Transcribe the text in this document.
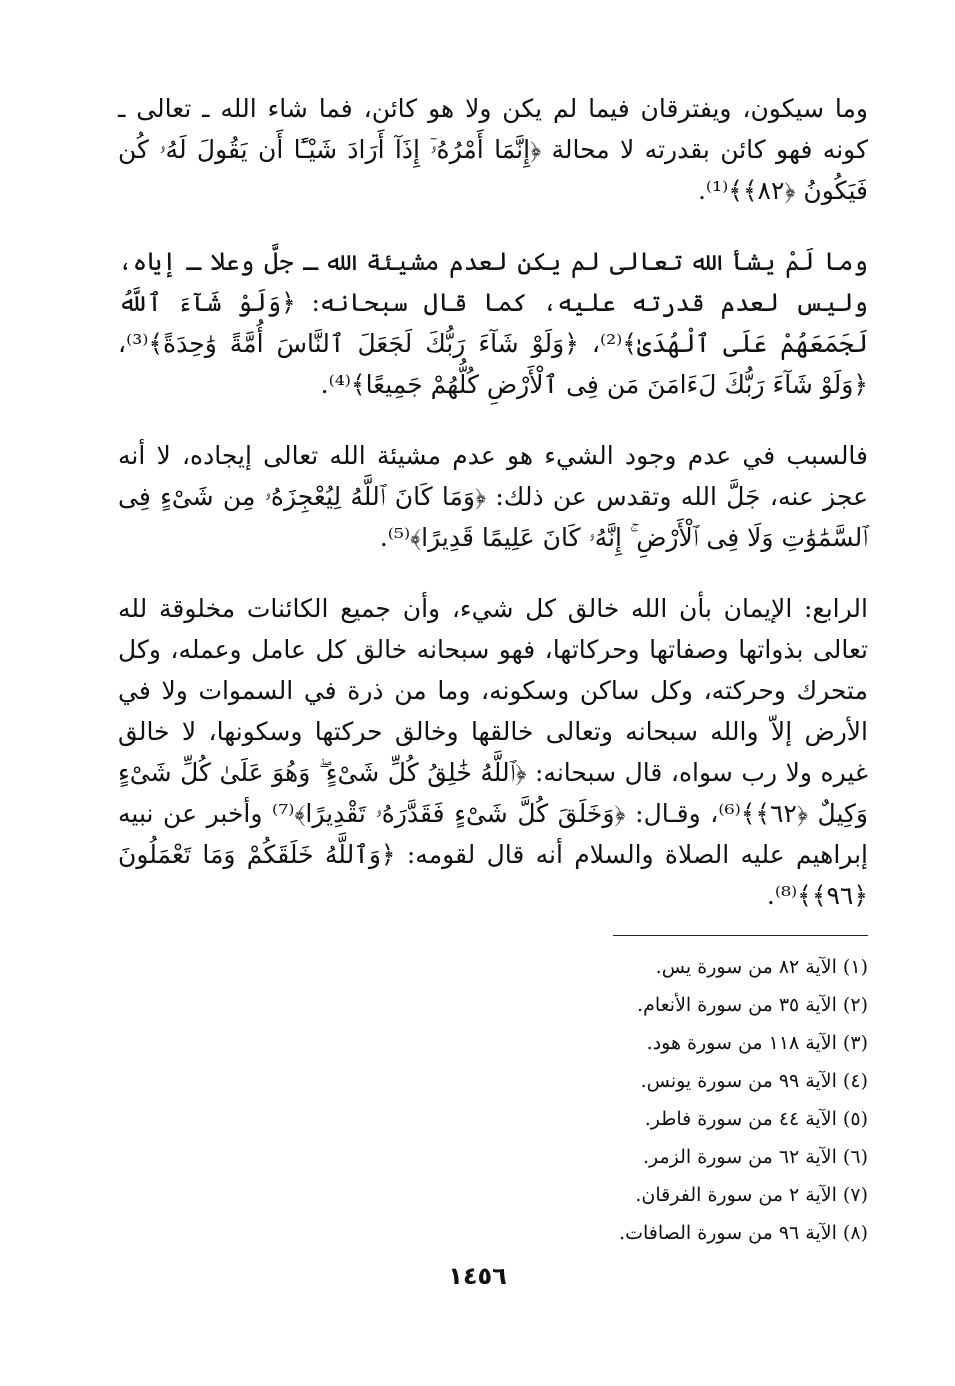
وما سيكون، ويفترقان فيما لم يكن ولا هو كائن، فما شاء الله ـ تعالى ـ كونه فهو كائن بقدرته لا محالة ﴿إِنَّمَا أَمْرُهُۥٓ إِذَآ أَرَادَ شَيْـًٔا أَن يَقُولَ لَهُۥ كُن فَيَكُونُ ﴿٨٢﴾﴾⁽¹⁾.

وما لَمْ يشأ الله تعالى لم يكن لعدم مشيئة الله ـ جلَّ وعلا ـ إياه، وليس لعدم قدرته عليه، كما قال سبحانه: ﴿وَلَوْ شَآءَ ٱللَّهُ لَجَمَعَهُمْ عَلَى ٱلْهُدَىٰ﴾⁽²⁾، ﴿وَلَوْ شَآءَ رَبُّكَ لَجَعَلَ ٱلنَّاسَ أُمَّةً وَٰحِدَةً﴾⁽³⁾، ﴿وَلَوْ شَآءَ رَبُّكَ لَءَامَنَ مَن فِى ٱلْأَرْضِ كُلُّهُمْ جَمِيعًا﴾⁽⁴⁾.

فالسبب في عدم وجود الشيء هو عدم مشيئة الله تعالى إيجاده، لا أنه عجز عنه، جَلَّ الله وتقدس عن ذلك: ﴿وَمَا كَانَ ٱللَّهُ لِيُعْجِزَهُۥ مِن شَىْءٍ فِى ٱلسَّمَٰوَٰتِ وَلَا فِى ٱلْأَرْضِ ۚ إِنَّهُۥ كَانَ عَلِيمًا قَدِيرًا﴾⁽⁵⁾.

الرابع: الإيمان بأن الله خالق كل شيء، وأن جميع الكائنات مخلوقة لله تعالى بذواتها وصفاتها وحركاتها، فهو سبحانه خالق كل عامل وعمله، وكل متحرك وحركته، وكل ساكن وسكونه، وما من ذرة في السموات ولا في الأرض إلاّ والله سبحانه وتعالى خالقها وخالق حركتها وسكونها، لا خالق غيره ولا رب سواه، قال سبحانه: ﴿ٱللَّهُ خَٰلِقُ كُلِّ شَىْءٍ ۖ وَهُوَ عَلَىٰ كُلِّ شَىْءٍ وَكِيلٌ ﴿٦٢﴾﴾⁽⁶⁾، وقـال: ﴿وَخَلَقَ كُلَّ شَىْءٍ فَقَدَّرَهُۥ تَقْدِيرًا﴾⁽⁷⁾ وأخبر عن نبيه إبراهيم عليه الصلاة والسلام أنه قال لقومه: ﴿وَٱللَّهُ خَلَقَكُمْ وَمَا تَعْمَلُونَ ﴿٩٦﴾﴾⁽⁸⁾.

(١) الآية ٨٢ من سورة يس.
(٢) الآية ٣٥ من سورة الأنعام.
(٣) الآية ١١٨ من سورة هود.
(٤) الآية ٩٩ من سورة يونس.
(٥) الآية ٤٤ من سورة فاطر.
(٦) الآية ٦٢ من سورة الزمر.
(٧) الآية ٢ من سورة الفرقان.
(٨) الآية ٩٦ من سورة الصافات.
١٤٥٦
